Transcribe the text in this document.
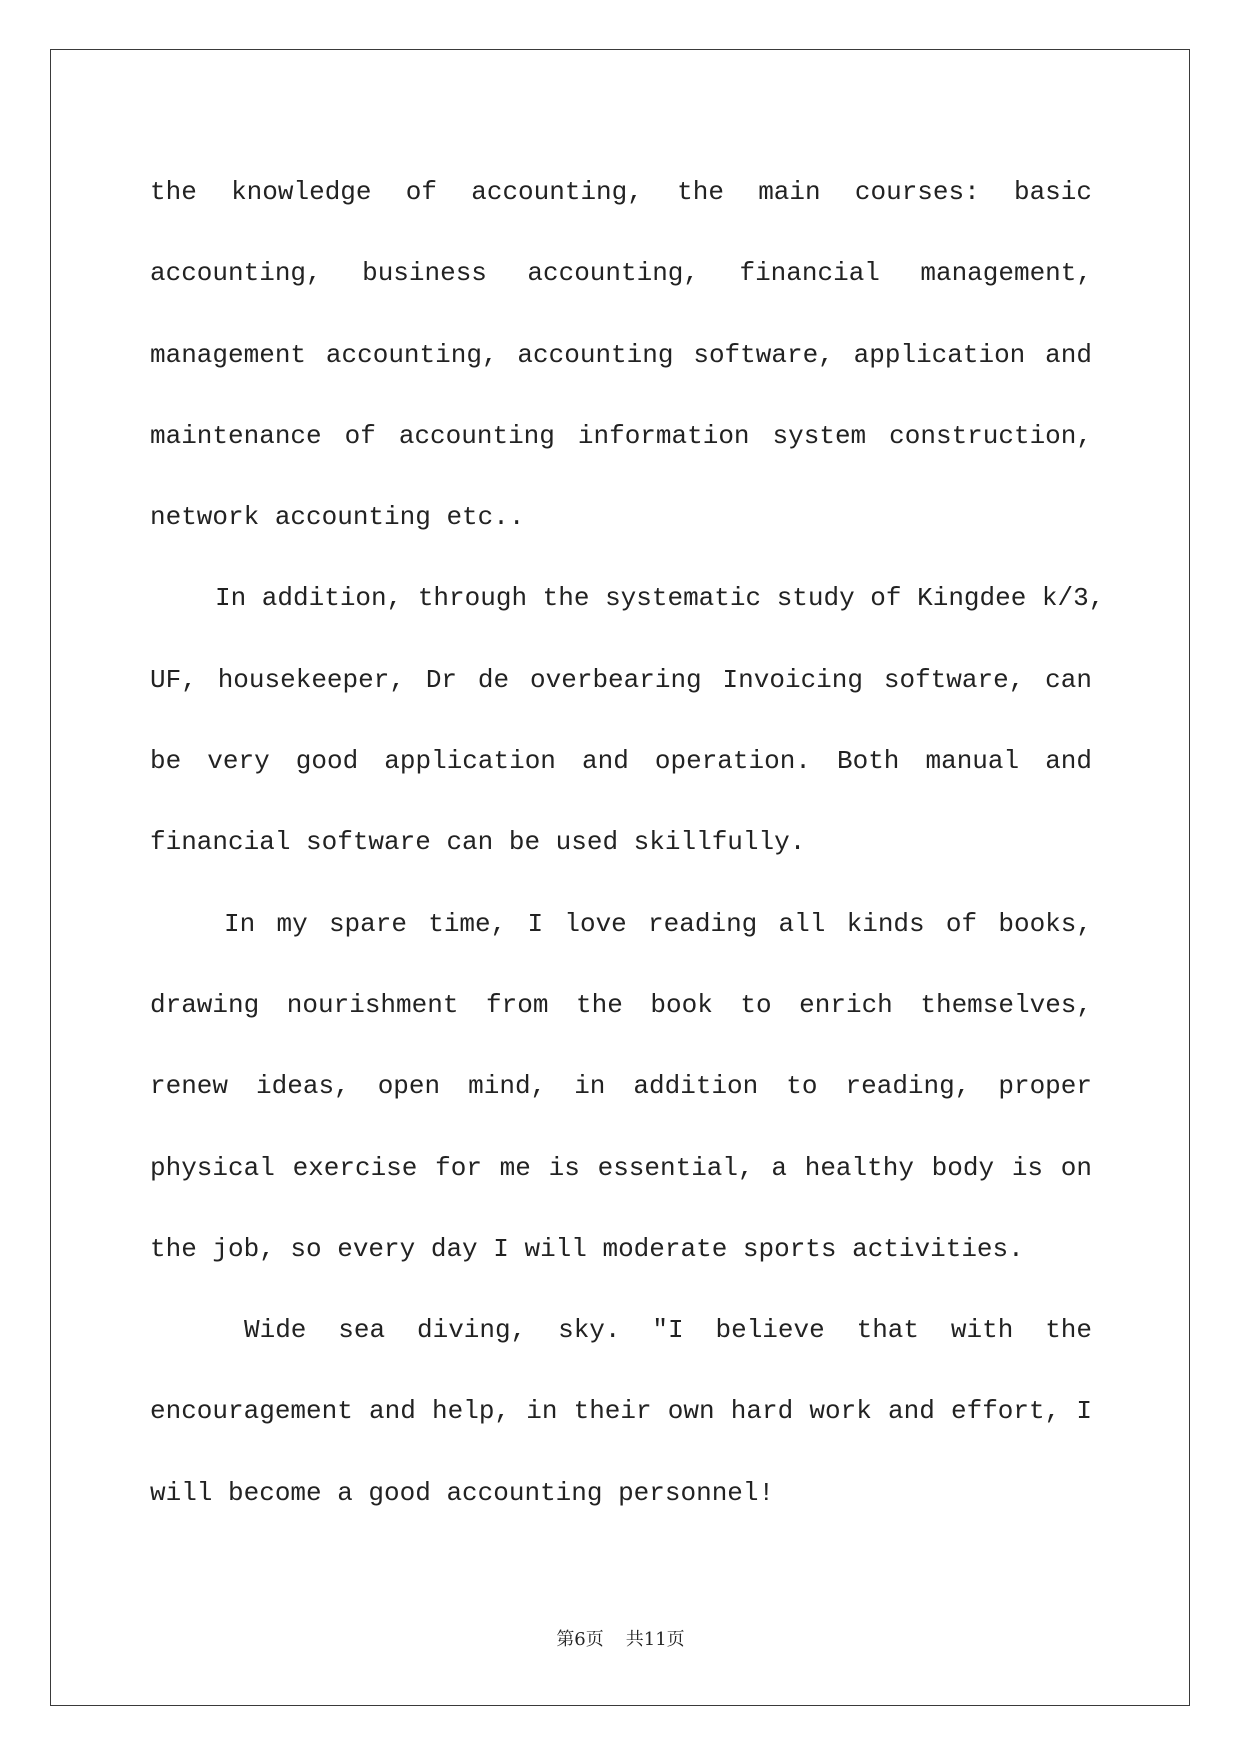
the knowledge of accounting, the main courses: basic
accounting, business accounting, financial management,
management accounting, accounting software, application and
maintenance of accounting information system construction,
network accounting etc..
In addition, through the systematic study of Kingdee k/3,
UF, housekeeper, Dr de overbearing Invoicing software, can
be very good application and operation. Both manual and
financial software can be used skillfully.
In my spare time, I love reading all kinds of books,
drawing nourishment from the book to enrich themselves,
renew ideas, open mind, in addition to reading, proper
physical exercise for me is essential, a healthy body is on
the job, so every day I will moderate sports activities.
Wide sea diving, sky. "I believe that with the
encouragement and help, in their own hard work and effort, I
will become a good accounting personnel!
第6页 共11页
